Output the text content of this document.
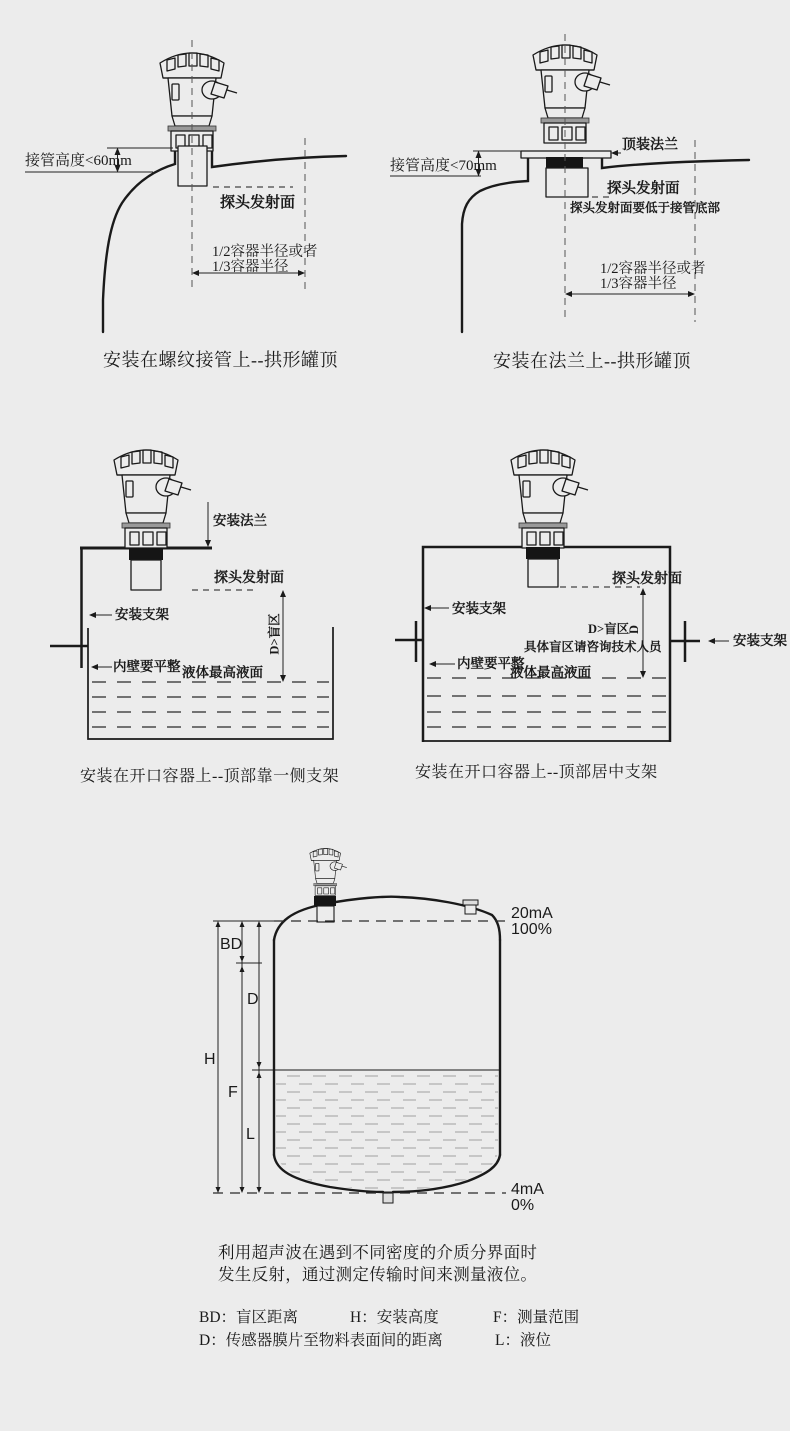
接管高度<60mm
探头发射面
1/2容器半径或者
1/3容器半径
安装在螺纹接管上--拱形罐顶
顶装法兰
接管高度<70mm
探头发射面
探头发射面要低于接管底部
1/2容器半径或者
1/3容器半径
安装在法兰上--拱形罐顶
安装法兰
探头发射面
安装支架	D>盲区
内壁要平整 液体最高液面
安装在开口容器上--顶部靠一侧支架
探头发射面
安装支架
D>盲区
D
具体盲区请咨询技术人员
内壁要平整
液体最高液面
安装支架
安装在开口容器上--顶部居中支架
20mA
100%
4mA
0%
BD
D
H
F
L
利用超声波在遇到不同密度的介质分界面时
发生反射，通过测定传输时间来测量液位。
BD：盲区距离	H：安装高度	F：测量范围
D：传感器膜片至物料表面间的距离	L：液位
